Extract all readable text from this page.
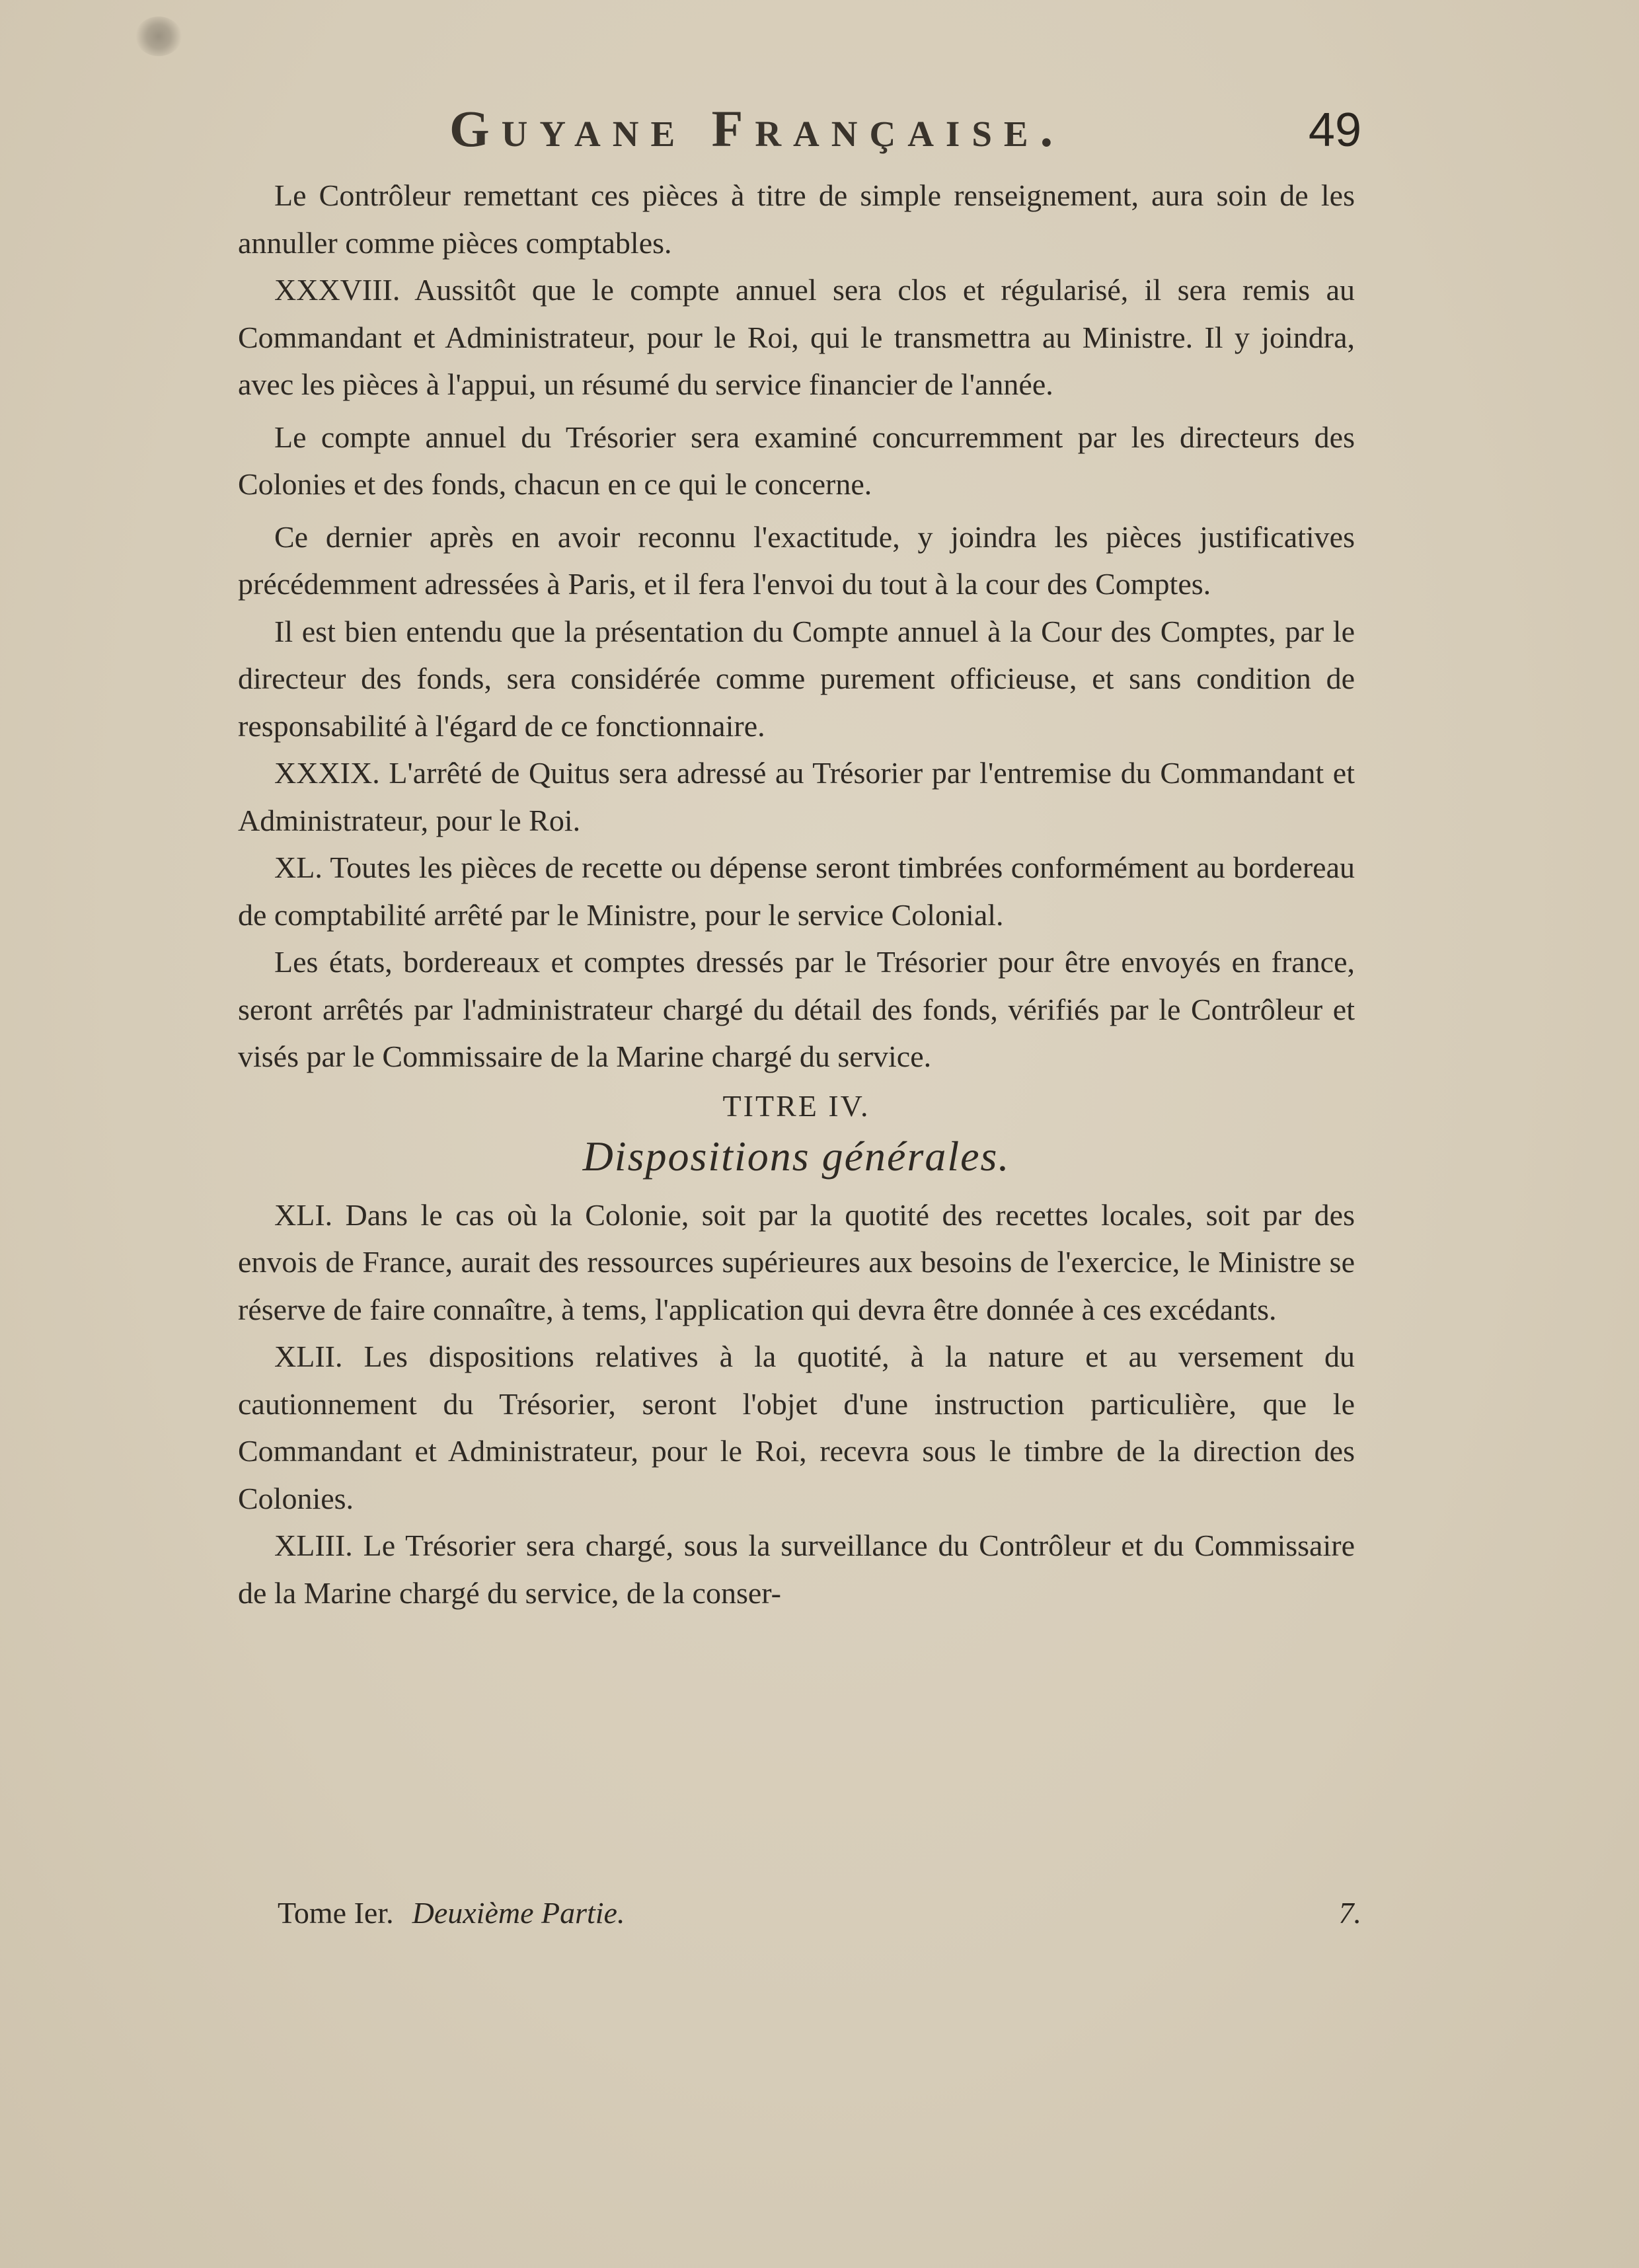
Guyane Française.	49

Le Contrôleur remettant ces pièces à titre de simple renseignement, aura soin de les annuller comme pièces comptables.

XXXVIII. Aussitôt que le compte annuel sera clos et régularisé, il sera remis au Commandant et Administrateur, pour le Roi, qui le transmettra au Ministre. Il y joindra, avec les pièces à l'appui, un résumé du service financier de l'année.

Le compte annuel du Trésorier sera examiné concurremment par les directeurs des Colonies et des fonds, chacun en ce qui le concerne.

Ce dernier après en avoir reconnu l'exactitude, y joindra les pièces justificatives précédemment adressées à Paris, et il fera l'envoi du tout à la cour des Comptes.

Il est bien entendu que la présentation du Compte annuel à la Cour des Comptes, par le directeur des fonds, sera considérée comme purement officieuse, et sans condition de responsabilité à l'égard de ce fonctionnaire.

XXXIX. L'arrêté de Quitus sera adressé au Trésorier par l'entremise du Commandant et Administrateur, pour le Roi.

XL. Toutes les pièces de recette ou dépense seront timbrées conformément au bordereau de comptabilité arrêté par le Ministre, pour le service Colonial.

Les états, bordereaux et comptes dressés par le Trésorier pour être envoyés en france, seront arrêtés par l'administrateur chargé du détail des fonds, vérifiés par le Contrôleur et visés par le Commissaire de la Marine chargé du service.

TITRE IV.
Dispositions générales.

XLI. Dans le cas où la Colonie, soit par la quotité des recettes locales, soit par des envois de France, aurait des ressources supérieures aux besoins de l'exercice, le Ministre se réserve de faire connaître, à tems, l'application qui devra être donnée à ces excédants.

XLII. Les dispositions relatives à la quotité, à la nature et au versement du cautionnement du Trésorier, seront l'objet d'une instruction particulière, que le Commandant et Administrateur, pour le Roi, recevra sous le timbre de la direction des Colonies.

XLIII. Le Trésorier sera chargé, sous la surveillance du Contrôleur et du Commissaire de la Marine chargé du service, de la conser-

Tome Ier. Deuxième Partie.	7.
